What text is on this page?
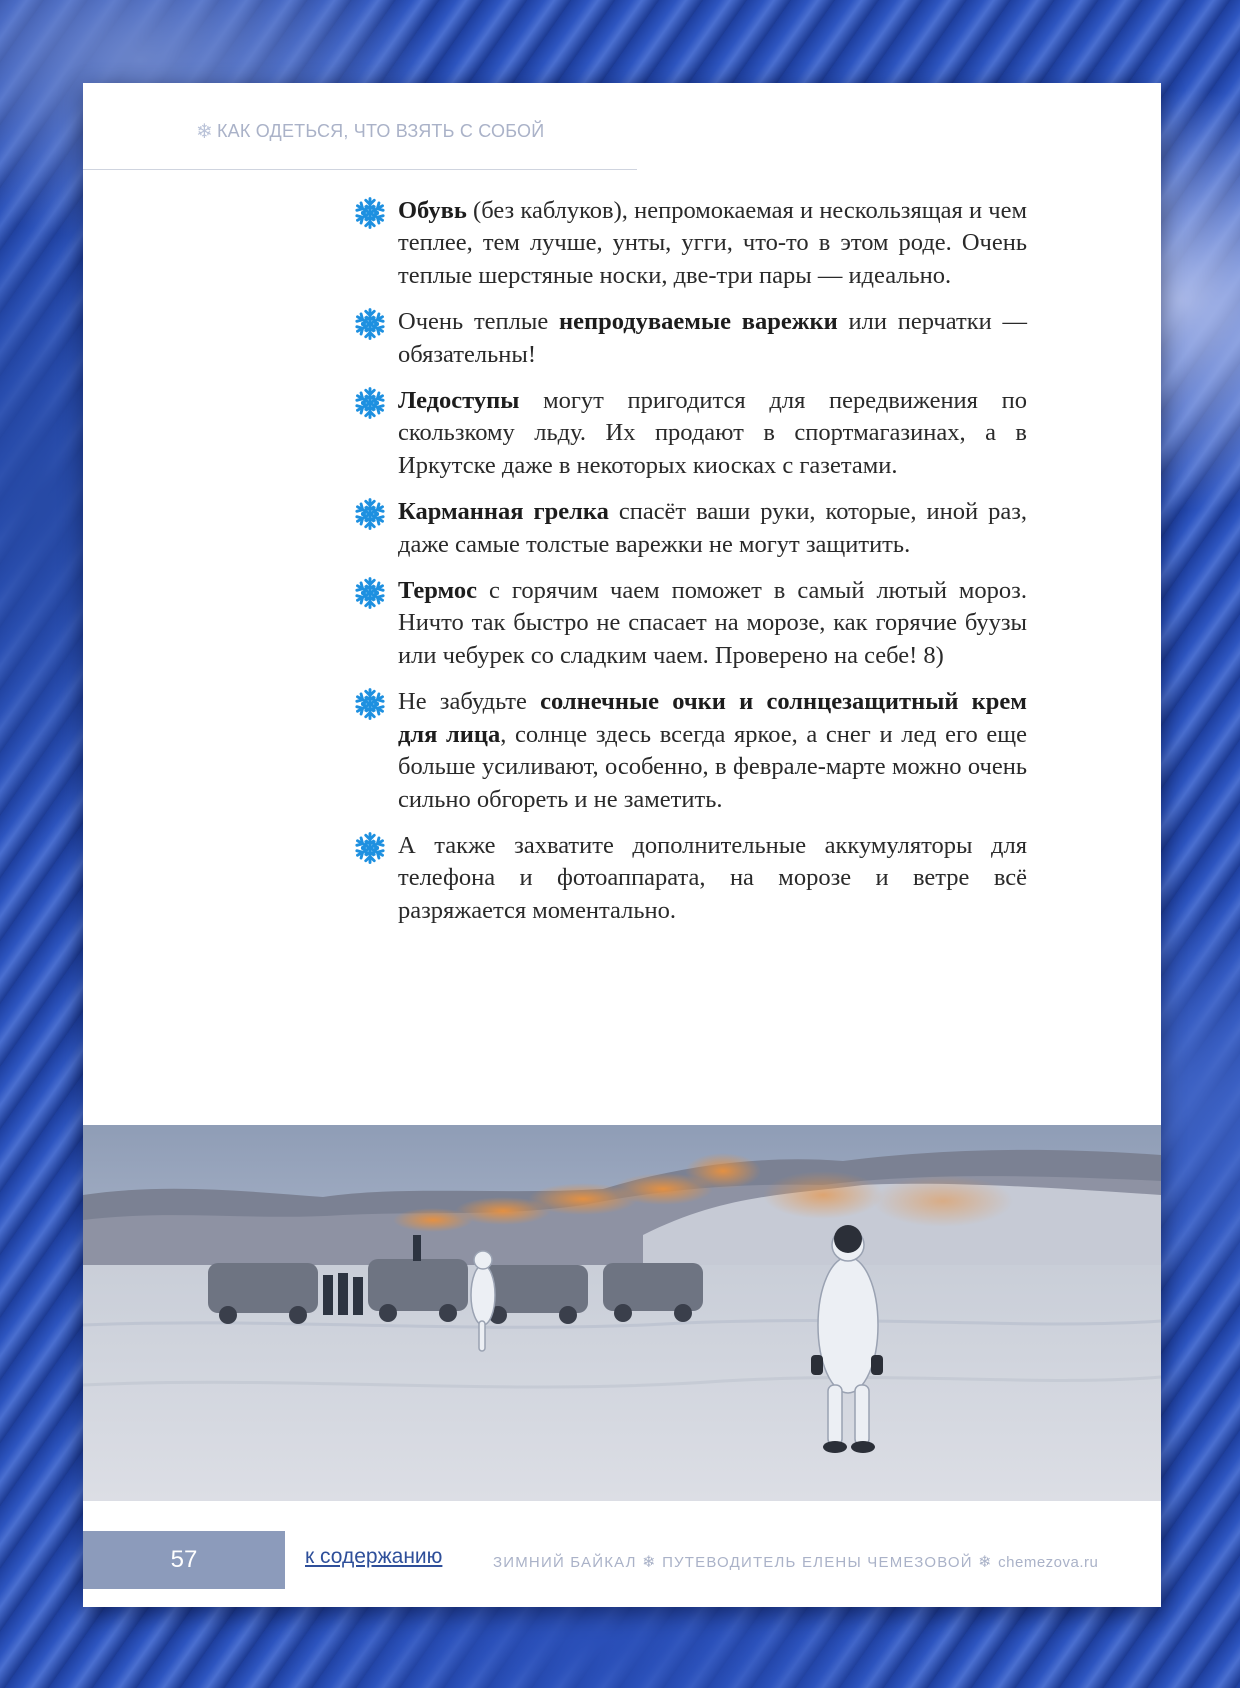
❄ КАК ОДЕТЬСЯ, ЧТО ВЗЯТЬ С СОБОЙ
Обувь (без каблуков), непромокаемая и нескользящая и чем теплее, тем лучше, унты, угги, что-то в этом роде. Очень теплые шерстяные носки, две-три пары — идеально.
Очень теплые непродуваемые варежки или перчатки — обязательны!
Ледоступы могут пригодится для передвижения по скользкому льду. Их продают в спортмагазинах, а в Иркутске даже в некоторых киосках с газетами.
Карманная грелка спасёт ваши руки, которые, иной раз, даже самые толстые варежки не могут защитить.
Термос с горячим чаем поможет в самый лютый мороз. Ничто так быстро не спасает на морозе, как горячие буузы или чебурек со сладким чаем. Проверено на себе! 8)
Не забудьте солнечные очки и солнцезащитный крем для лица, солнце здесь всегда яркое, а снег и лед его еще больше усиливают, особенно, в феврале-марте можно очень сильно обгореть и не заметить.
А также захватите дополнительные аккумуляторы для телефона и фотоаппарата, на морозе и ветре всё разряжается моментально.
57	к содержанию	ЗИМНИЙ БАЙКАЛ ❄ ПУТЕВОДИТЕЛЬ ЕЛЕНЫ ЧЕМЕЗОВОЙ ❄ chemezova.ru
